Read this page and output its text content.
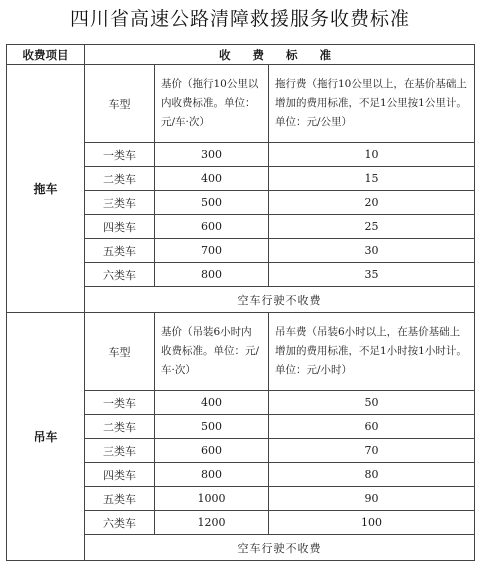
四川省高速公路清障救援服务收费标准
收费项目	收 费 标 准		
拖车	车型	基价（拖行10公里以内收费标准。单位：元/车·次）	拖行费（拖行10公里以上，在基价基础上增加的费用标准，不足1公里按1公里计。单位：元/公里）
	一类车	300	10
	二类车	400	15
	三类车	500	20
	四类车	600	25
	五类车	700	30
	六类车	800	35
	空车行驶不收费		
吊车	车型	基价（吊装6小时内收费标准。单位：元/车·次）	吊车费（吊装6小时以上，在基价基础上增加的费用标准，不足1小时按1小时计。单位：元/小时）
	一类车	400	50
	二类车	500	60
	三类车	600	70
	四类车	800	80
	五类车	1000	90
	六类车	1200	100
	空车行驶不收费		
